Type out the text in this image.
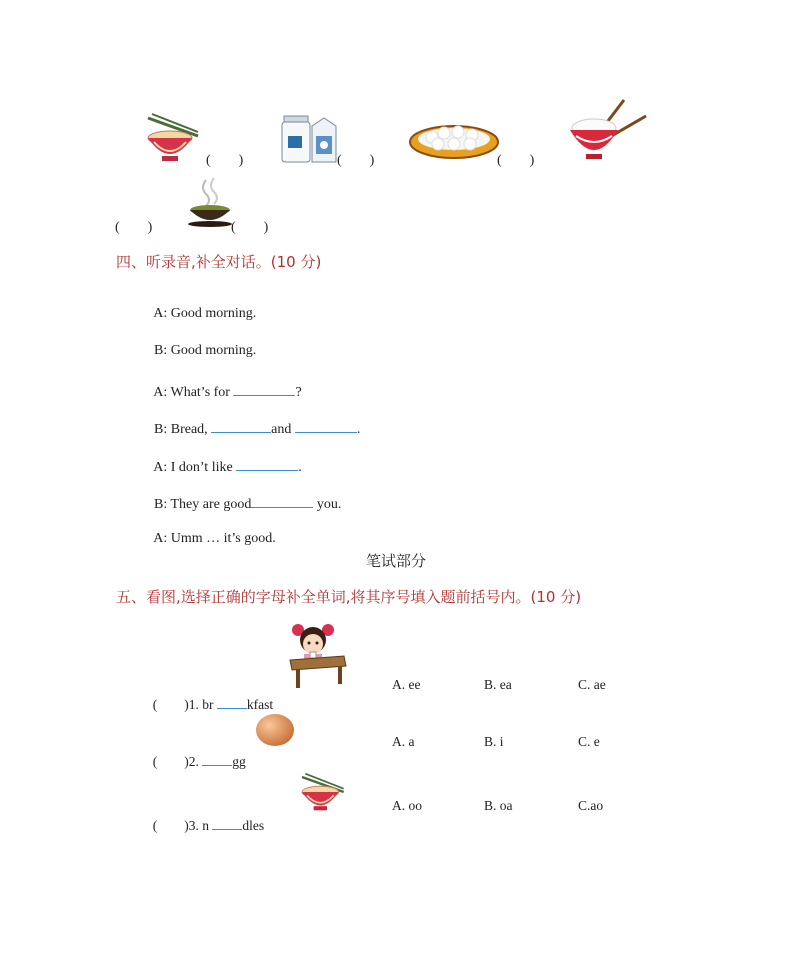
(　　)	(　　)	(　　)
(　　)	(　　)
四、听录音,补全对话。(10 分)

A: Good morning.

B: Good morning.

A: What’s for	?

B: Bread,	and	.

A: I don’t like	.

B: They are good	you.

A: Umm … it’s good.

笔试部分
五、看图,选择正确的字母补全单词,将其序号填入题前括号内。(10 分)

(　　)1. br kfast

A. ee	B. ea	C. ae

(　　)2. gg

A. a	B. i	C. e

(　　)3. n dles

A. oo	B. oa	C.ao
